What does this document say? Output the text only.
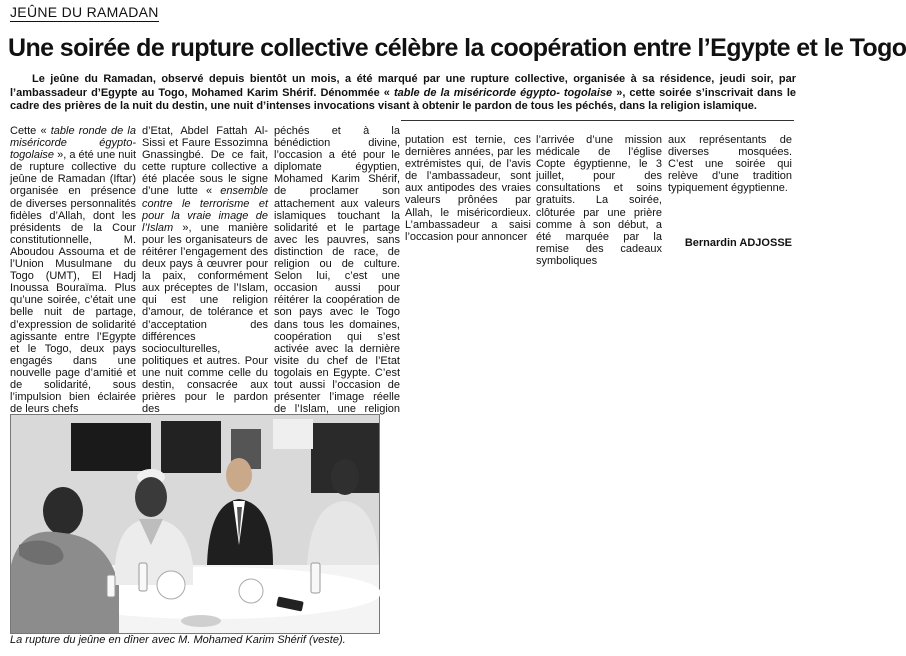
JEÛNE DU RAMADAN
Une soirée de rupture collective célèbre la coopération entre l’Egypte et le Togo

Le jeûne du Ramadan, observé depuis bientôt un mois, a été marqué par une rupture collective, organisée à sa résidence, jeudi soir, par l’ambassadeur d’Egypte au Togo, Mohamed Karim Shérif. Dénommée « table de la miséricorde égypto- togolaise », cette soirée s’inscrivait dans le cadre des prières de la nuit du destin, une nuit d’intenses invocations visant à obtenir le pardon de tous les péchés, dans la religion islamique.

Cette « table ronde de la miséricorde égypto-togolaise », a été une nuit de rupture collective du jeûne de Ramadan (Iftar) organisée en présence de diverses personnalités fidèles d’Allah, dont les présidents de la Cour constitutionnelle, M. Aboudou Assouma et de l’Union Musulmane du Togo (UMT), El Hadj Inoussa Bouraïma. Plus qu’une soirée, c’était une belle nuit de partage, d’expression de solidarité agissante entre l’Egypte et le Togo, deux pays engagés dans une nouvelle page d’amitié et de solidarité, sous l’impulsion bien éclairée de leurs chefs

d’Etat, Abdel Fattah Al-Sissi et Faure Essozimna Gnassingbé. De ce fait, cette rupture collective a été placée sous le signe d’une lutte « ensemble contre le terrorisme et pour la vraie image de l’Islam », une manière pour les organisateurs de réitérer l’engagement des deux pays à œuvrer pour la paix, conformément aux préceptes de l’Islam, qui est une religion d’amour, de tolérance et d’acceptation des différences socioculturelles, politiques et autres. Pour une nuit comme celle du destin, consacrée aux prières pour le pardon des

péchés et à la bénédiction divine, l’occasion a été pour le diplomate égyptien, Mohamed Karim Shérif, de proclamer son attachement aux valeurs islamiques touchant la solidarité et le partage avec les pauvres, sans distinction de race, de religion ou de culture. Selon lui, c’est une occasion aussi pour réitérer la coopération de son pays avec le Togo dans tous les domaines, coopération qui s’est activée avec la dernière visite du chef de l’Etat togolais en Egypte. C’est tout aussi l’occasion de présenter l’image réelle de l’Islam, une religion

putation est ternie, ces dernières années, par les extrémistes qui, de l’avis de l’ambassadeur, sont aux antipodes des vraies valeurs prônées par Allah, le miséricordieux. L’ambassadeur a saisi l’occasion pour annoncer

l’arrivée d’une mission médicale de l’église Copte égyptienne, le 3 juillet, pour des consultations et soins gratuits. La soirée, clôturée par une prière comme à son début, a été marquée par la remise des cadeaux symboliques

aux représentants de diverses mosquées. C’est une soirée qui relève d’une tradition typiquement égyptienne.

Bernardin ADJOSSE
La rupture du jeûne en dîner avec M. Mohamed Karim Shérif (veste).
